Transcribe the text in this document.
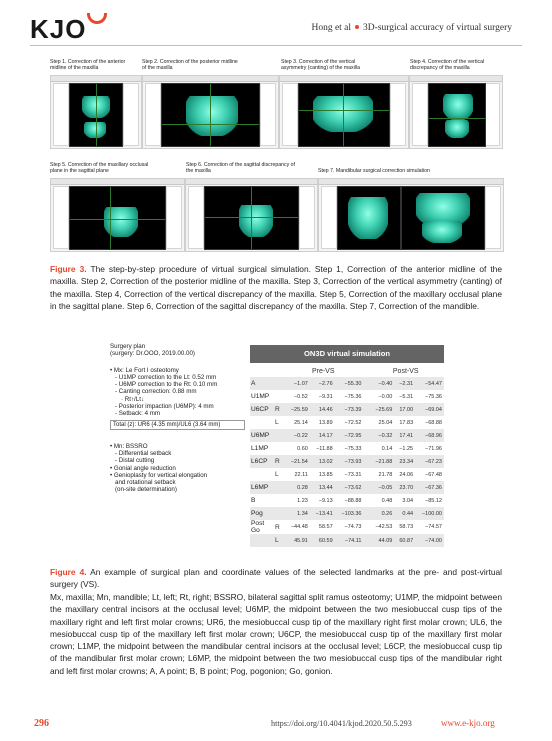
KJO	Hong et al 3D-surgical accuracy of virtual surgery
Step 1. Correction of the anterior midline of the maxilla
Step 2. Correction of the posterior midline of the maxilla
Step 3. Correction of the vertical asymmetry (canting) of the maxilla
Step 4. Correction of the vertical discrepancy of the maxilla
Step 5. Correction of the maxillary occlusal plane in the sagittal plane
Step 6. Correction of the sagittal discrepancy of the maxilla	Step 7. Mandibular surgical correction simulation
Figure 3. The step-by-step procedure of virtual surgical simulation. Step 1, Correction of the anterior midline of the maxilla. Step 2, Correction of the posterior midline of the maxilla. Step 3, Correction of the vertical asymmetry (canting) of the maxilla. Step 4, Correction of the vertical discrepancy of the maxilla. Step 5, Correction of the maxillary occlusal plane in the sagittal plane. Step 6, Correction of the sagittal discrepancy of the maxilla. Step 7, Correction of the mandible.
Surgery plan
(surgery: Dr.OOO, 2019.00.00)
• Mx: Le Fort I osteotomy
- U1MP correction to the Lt: 0.52 mm
- U6MP correction to the Rt: 0.10 mm
- Canting correction: 0.88 mm
· Rt↑/Lt↓
- Posterior impaction (U6MP): 4 mm
- Setback: 4 mm
Total (z): UR6 (4.35 mm)/UL6 (3.64 mm)
• Mn: BSSRO
- Differential setback
- Distal cutting
• Gonial angle reduction
• Genioplasty for vertical elongation
and rotational setback
(on-site determination)
ON3D virtual simulation
		Pre-VS				Post-VS		
A		−1.07	−2.76	−55.30		−0.40	−2.31	−54.47
U1MP		−0.52	−9.31	−75.36		−0.00	−5.31	−75.36
U6CP	R	−25.59	14.46	−73.39		−25.69	17.00	−69.04
	L	25.14	13.89	−72.52		25.04	17.83	−68.88
U6MP		−0.22	14.17	−72.95		−0.32	17.41	−68.96
L1MP		0.60	−11.88	−75.33		0.14	−1.25	−71.96
L6CP	R	−21.54	13.02	−73.93		−21.88	23.34	−67.23
	L	22.11	13.85	−73.31		21.78	24.06	−67.48
L6MP		0.28	13.44	−73.62		−0.05	23.70	−67.36
B		1.23	−9.13	−88.88		0.48	3.04	−85.12
Pog		1.34	−13.41	−103.36		0.26	0.44	−100.00
Post Go	R	−44.48	58.57	−74.73		−42.53	58.73	−74.57
	L	45.91	60.59	−74.11		44.09	60.87	−74.00
Figure 4. An example of surgical plan and coordinate values of the selected landmarks at the pre- and post-virtual surgery (VS).
Mx, maxilla; Mn, mandible; Lt, left; Rt, right; BSSRO, bilateral sagittal split ramus osteotomy; U1MP, the midpoint between the maxillary central incisors at the occlusal level; U6MP, the midpoint between the two mesiobuccal cusp tips of the maxillary right and left first molar crowns; UR6, the mesiobuccal cusp tip of the maxillary right first molar crown; UL6, the mesiobuccal cusp tip of the maxillary left first molar crown; U6CP, the mesiobuccal cusp tip of the maxillary first molar crown; L1MP, the midpoint between the mandibular central incisors at the occlusal level; L6CP, the mesiobuccal cusp tip of the mandibular first molar crown; L6MP, the midpoint between the two mesiobuccal cusp tips of the mandibular right and left first molar crowns; A, A point; B, B point; Pog, pogonion; Go, gonion.
296	https://doi.org/10.4041/kjod.2020.50.5.293	www.e-kjo.org
